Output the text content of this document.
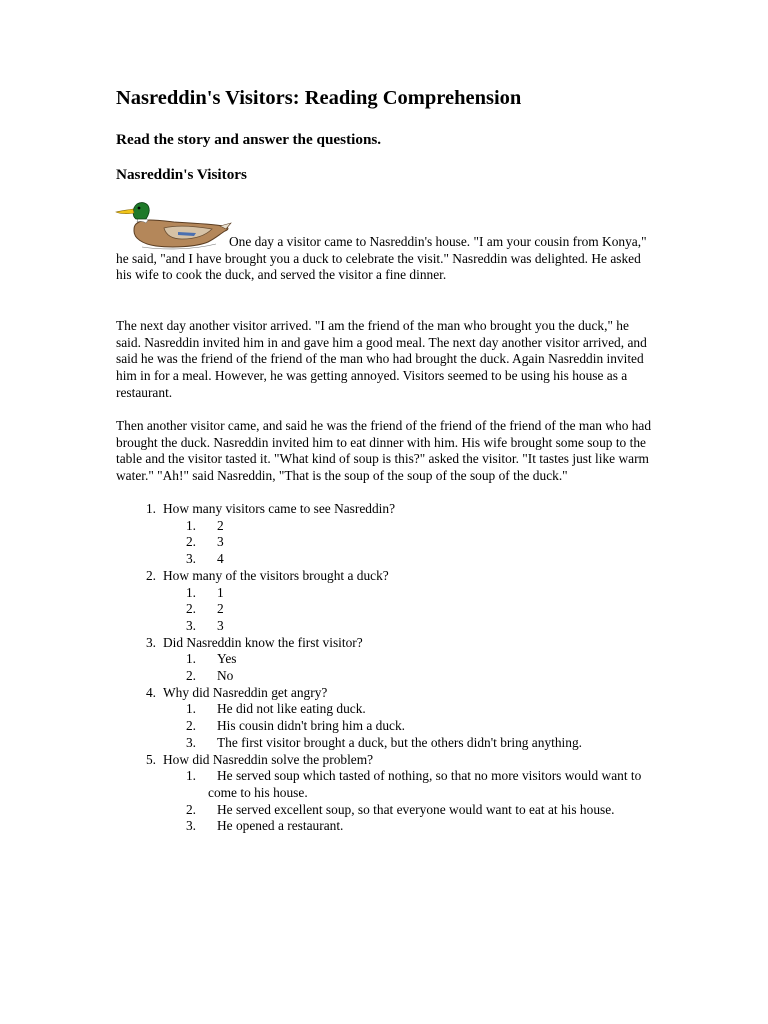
Nasreddin's Visitors: Reading Comprehension

Read the story and answer the questions.

Nasreddin's Visitors

One day a visitor came to Nasreddin's house. "I am your cousin from Konya," he said, "and I have brought you a duck to celebrate the visit." Nasreddin was delighted. He asked his wife to cook the duck, and served the visitor a fine dinner.

The next day another visitor arrived. "I am the friend of the man who brought you the duck," he said. Nasreddin invited him in and gave him a good meal. The next day another visitor arrived, and said he was the friend of the friend of the man who had brought the duck. Again Nasreddin invited him in for a meal. However, he was getting annoyed. Visitors seemed to be using his house as a restaurant.

Then another visitor came, and said he was the friend of the friend of the friend of the man who had brought the duck. Nasreddin invited him to eat dinner with him. His wife brought some soup to the table and the visitor tasted it. "What kind of soup is this?" asked the visitor. "It tastes just like warm water." "Ah!" said Nasreddin, "That is the soup of the soup of the soup of the duck."

1. How many visitors came to see Nasreddin?
1. 2
2. 3
3. 4
2. How many of the visitors brought a duck?
1. 1
2. 2
3. 3
3. Did Nasreddin know the first visitor?
1. Yes
2. No
4. Why did Nasreddin get angry?
1. He did not like eating duck.
2. His cousin didn't bring him a duck.
3. The first visitor brought a duck, but the others didn't bring anything.
5. How did Nasreddin solve the problem?
1. He served soup which tasted of nothing, so that no more visitors would want to come to his house.
2. He served excellent soup, so that everyone would want to eat at his house.
3. He opened a restaurant.
